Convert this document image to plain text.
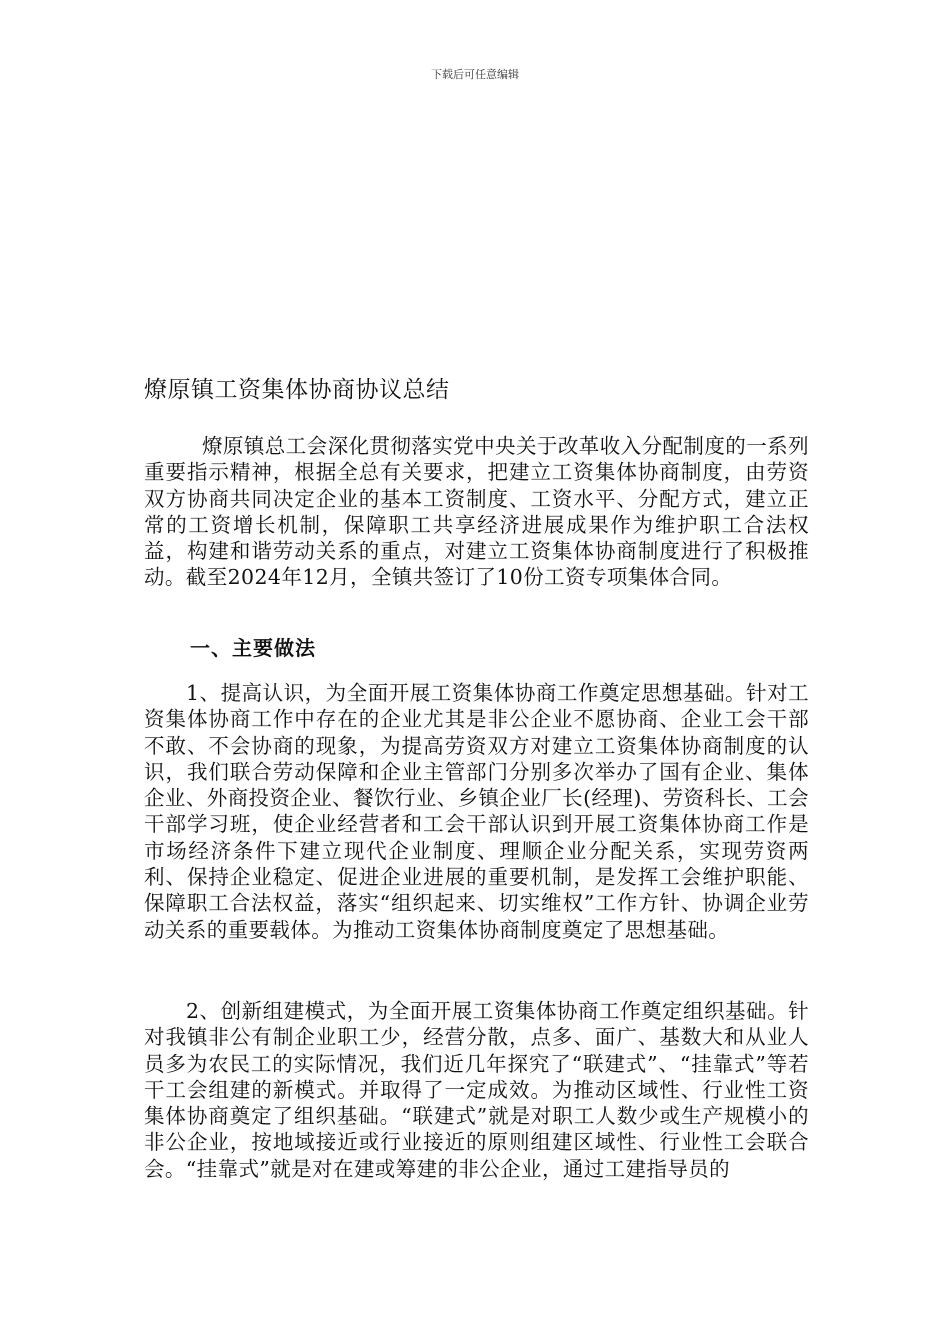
下载后可任意编辑
燎原镇工资集体协商协议总结

燎原镇总工会深化贯彻落实党中央关于改革收入分配制度的一系列重要指示精神，根据全总有关要求，把建立工资集体协商制度，由劳资双方协商共同决定企业的基本工资制度、工资水平、分配方式，建立正常的工资增长机制，保障职工共享经济进展成果作为维护职工合法权益，构建和谐劳动关系的重点，对建立工资集体协商制度进行了积极推动。截至2024年12月，全镇共签订了10份工资专项集体合同。

一、主要做法

1、提高认识，为全面开展工资集体协商工作奠定思想基础。针对工资集体协商工作中存在的企业尤其是非公企业不愿协商、企业工会干部不敢、不会协商的现象，为提高劳资双方对建立工资集体协商制度的认识，我们联合劳动保障和企业主管部门分别多次举办了国有企业、集体企业、外商投资企业、餐饮行业、乡镇企业厂长(经理)、劳资科长、工会干部学习班，使企业经营者和工会干部认识到开展工资集体协商工作是市场经济条件下建立现代企业制度、理顺企业分配关系，实现劳资两利、保持企业稳定、促进企业进展的重要机制，是发挥工会维护职能、保障职工合法权益，落实“组织起来、切实维权”工作方针、协调企业劳动关系的重要载体。为推动工资集体协商制度奠定了思想基础。

2、创新组建模式，为全面开展工资集体协商工作奠定组织基础。针对我镇非公有制企业职工少，经营分散，点多、面广、基数大和从业人员多为农民工的实际情况，我们近几年探究了“联建式”、“挂靠式”等若干工会组建的新模式。并取得了一定成效。为推动区域性、行业性工资集体协商奠定了组织基础。“联建式”就是对职工人数少或生产规模小的非公企业，按地域接近或行业接近的原则组建区域性、行业性工会联合会。“挂靠式”就是对在建或筹建的非公企业，通过工建指导员的
